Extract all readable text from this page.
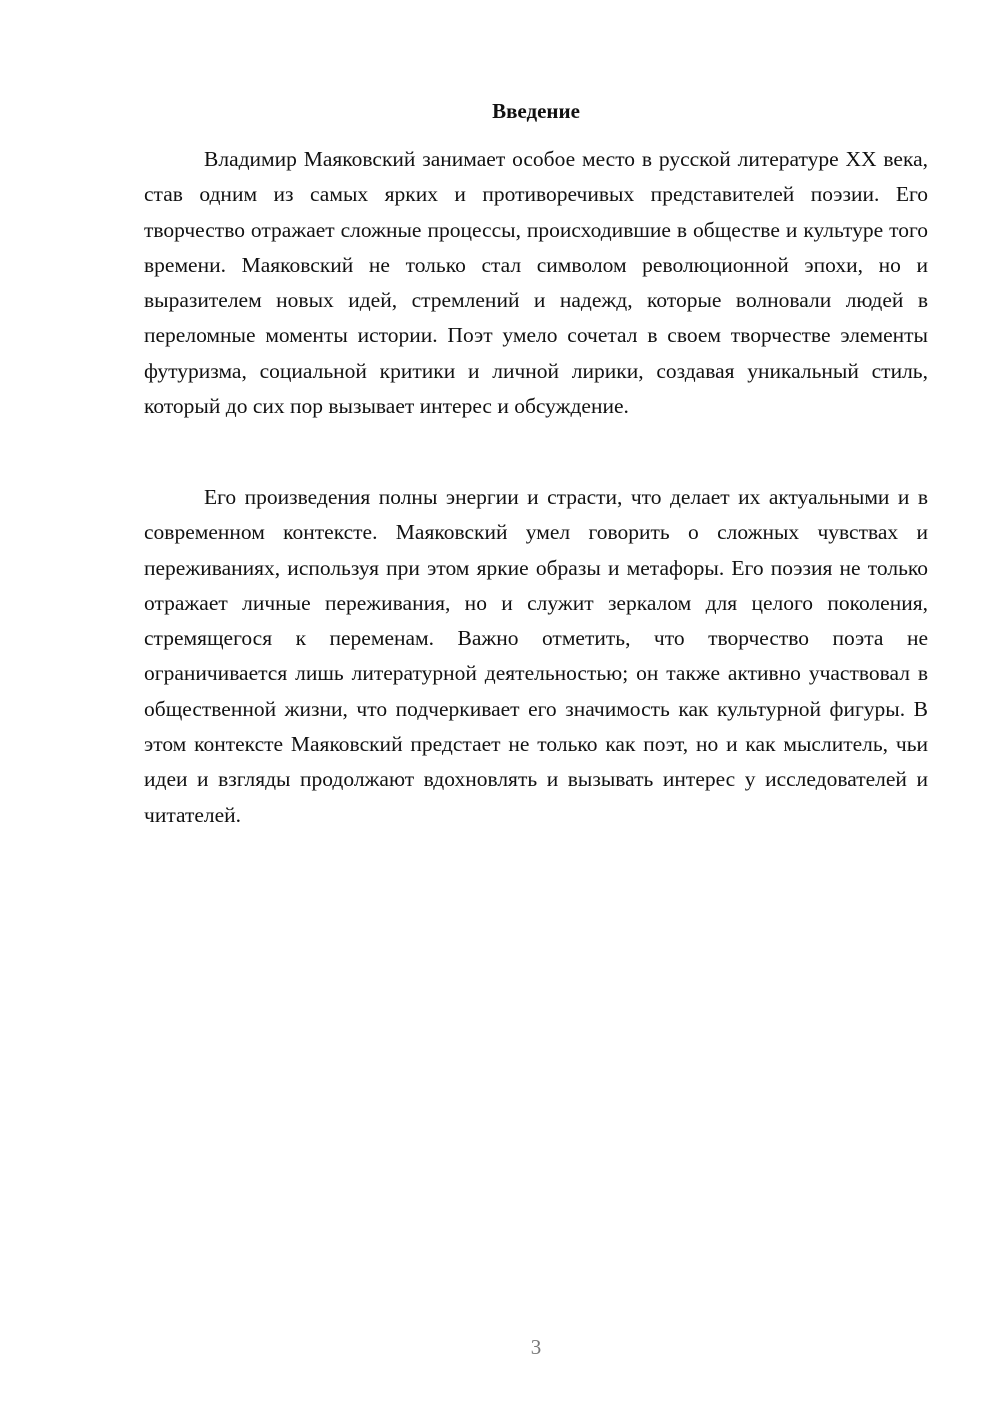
Введение

Владимир Маяковский занимает особое место в русской литературе XX века, став одним из самых ярких и противоречивых представителей поэзии. Его творчество отражает сложные процессы, происходившие в обществе и культуре того времени. Маяковский не только стал символом революционной эпохи, но и выразителем новых идей, стремлений и надежд, которые волновали людей в переломные моменты истории. Поэт умело сочетал в своем творчестве элементы футуризма, социальной критики и личной лирики, создавая уникальный стиль, который до сих пор вызывает интерес и обсуждение.

Его произведения полны энергии и страсти, что делает их актуальными и в современном контексте. Маяковский умел говорить о сложных чувствах и переживаниях, используя при этом яркие образы и метафоры. Его поэзия не только отражает личные переживания, но и служит зеркалом для целого поколения, стремящегося к переменам. Важно отметить, что творчество поэта не ограничивается лишь литературной деятельностью; он также активно участвовал в общественной жизни, что подчеркивает его значимость как культурной фигуры. В этом контексте Маяковский предстает не только как поэт, но и как мыслитель, чьи идеи и взгляды продолжают вдохновлять и вызывать интерес у исследователей и читателей.

3
